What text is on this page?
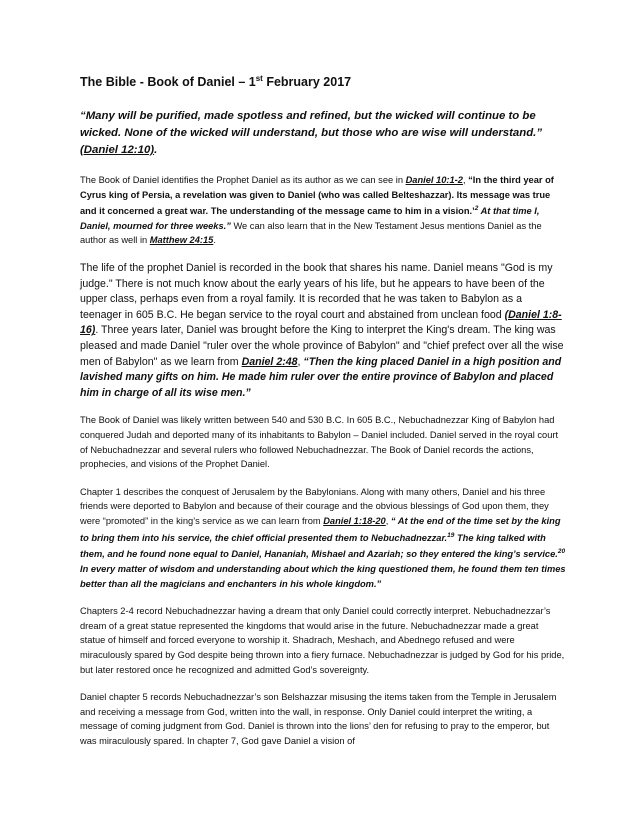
The Bible - Book of Daniel – 1st February 2017

“Many will be purified, made spotless and refined, but the wicked will continue to be wicked. None of the wicked will understand, but those who are wise will understand.” (Daniel 12:10).

The Book of Daniel identifies the Prophet Daniel as its author as we can see in Daniel 10:1-2, “In the third year of Cyrus king of Persia, a revelation was given to Daniel (who was called Belteshazzar). Its message was true and it concerned a great war. The understanding of the message came to him in a vision.’$^2$ At that time I, Daniel, mourned for three weeks.” We can also learn that in the New Testament Jesus mentions Daniel as the author as well in Matthew 24:15.

The life of the prophet Daniel is recorded in the book that shares his name. Daniel means "God is my judge." There is not much know about the early years of his life, but he appears to have been of the upper class, perhaps even from a royal family. It is recorded that he was taken to Babylon as a teenager in 605 B.C. He began service to the royal court and abstained from unclean food (Daniel 1:8-16). Three years later, Daniel was brought before the King to interpret the King's dream. The king was pleased and made Daniel "ruler over the whole province of Babylon" and "chief prefect over all the wise men of Babylon" as we learn from Daniel 2:48, “Then the king placed Daniel in a high position and lavished many gifts on him. He made him ruler over the entire province of Babylon and placed him in charge of all its wise men.”

The Book of Daniel was likely written between 540 and 530 B.C. In 605 B.C., Nebuchadnezzar King of Babylon had conquered Judah and deported many of its inhabitants to Babylon – Daniel included. Daniel served in the royal court of Nebuchadnezzar and several rulers who followed Nebuchadnezzar. The Book of Daniel records the actions, prophecies, and visions of the Prophet Daniel.

Chapter 1 describes the conquest of Jerusalem by the Babylonians. Along with many others, Daniel and his three friends were deported to Babylon and because of their courage and the obvious blessings of God upon them, they were “promoted” in the king’s service as we can learn from Daniel 1:18-20, “ At the end of the time set by the king to bring them into his service, the chief official presented them to Nebuchadnezzar.$^{19}$ The king talked with them, and he found none equal to Daniel, Hananiah, Mishael and Azariah; so they entered the king’s service.$^{20}$ In every matter of wisdom and understanding about which the king questioned them, he found them ten times better than all the magicians and enchanters in his whole kingdom.”

Chapters 2-4 record Nebuchadnezzar having a dream that only Daniel could correctly interpret. Nebuchadnezzar’s dream of a great statue represented the kingdoms that would arise in the future. Nebuchadnezzar made a great statue of himself and forced everyone to worship it. Shadrach, Meshach, and Abednego refused and were miraculously spared by God despite being thrown into a fiery furnace. Nebuchadnezzar is judged by God for his pride, but later restored once he recognized and admitted God’s sovereignty.

Daniel chapter 5 records Nebuchadnezzar’s son Belshazzar misusing the items taken from the Temple in Jerusalem and receiving a message from God, written into the wall, in response. Only Daniel could interpret the writing, a message of coming judgment from God. Daniel is thrown into the lions’ den for refusing to pray to the emperor, but was miraculously spared. In chapter 7, God gave Daniel a vision of
